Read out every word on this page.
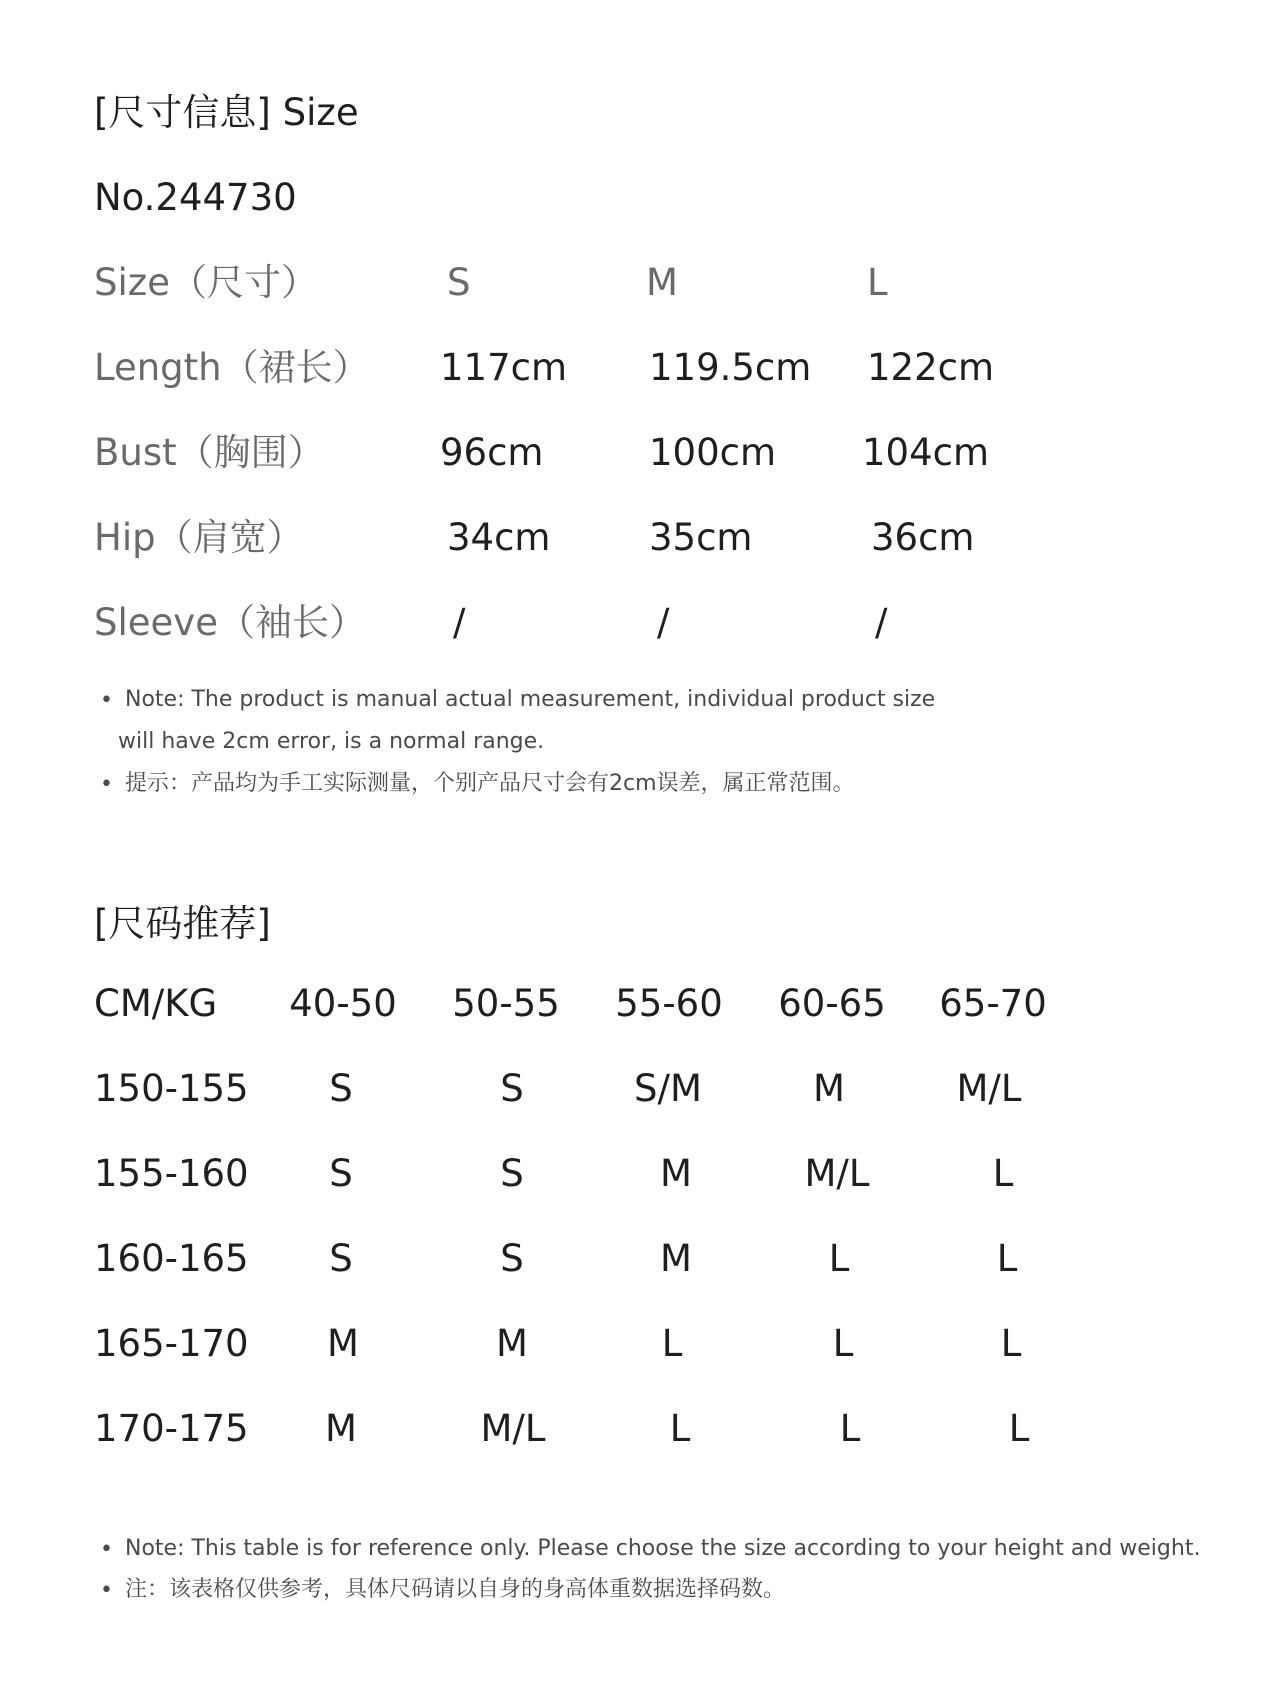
[尺寸信息] Size
No.244730
Size（尺寸）	S	M	L
Length（裙长） 117cm 119.5cm 122cm
Bust（胸围）	96cm	100cm 104cm
Hip（肩宽）	34cm	35cm	36cm
Sleeve（袖长） /	/	/
• Note: The product is manual actual measurement, individual product size
will have 2cm error, is a normal range.
• 提示：产品均为手工实际测量，个别产品尺寸会有2cm误差，属正常范围。
[尺码推荐]
CM/KG	40-50	50-55	55-60	60-65	65-70
150-155	S	S	S/M	M	M/L
155-160	S	S	M	M/L	L
160-165	S	S	M	L	L
165-170	M	M	L	L	L
170-175	M	M/L	L	L	L
• Note: This table is for reference only. Please choose the size according to your height and weight.
• 注：该表格仅供参考，具体尺码请以自身的身高体重数据选择码数。
